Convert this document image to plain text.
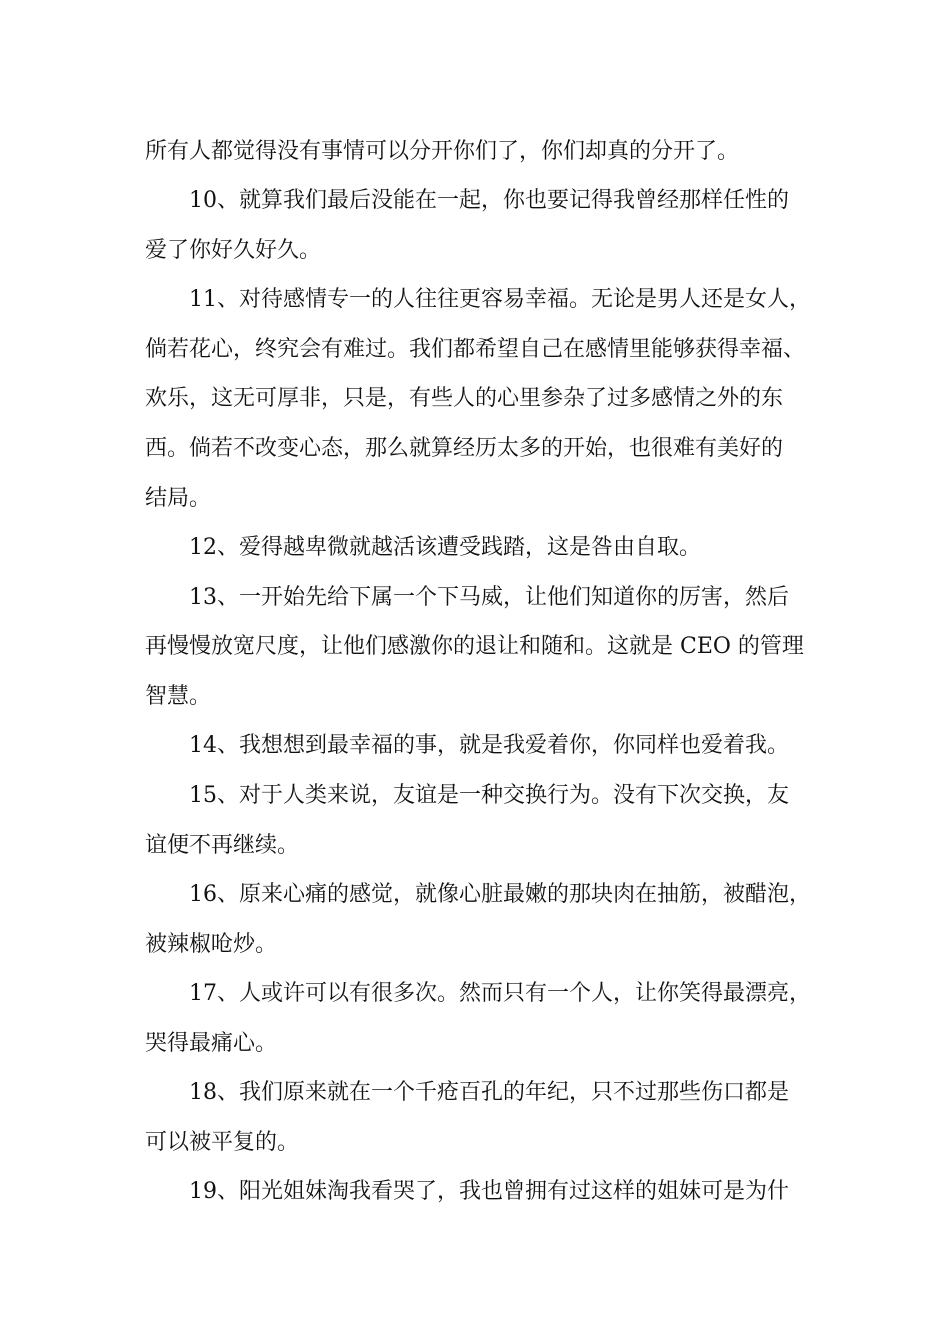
所有人都觉得没有事情可以分开你们了，你们却真的分开了。
10、就算我们最后没能在一起，你也要记得我曾经那样任性的
爱了你好久好久。
11、对待感情专一的人往往更容易幸福。无论是男人还是女人，
倘若花心，终究会有难过。我们都希望自己在感情里能够获得幸福、
欢乐，这无可厚非，只是，有些人的心里参杂了过多感情之外的东
西。倘若不改变心态，那么就算经历太多的开始，也很难有美好的
结局。
12、爱得越卑微就越活该遭受践踏，这是咎由自取。
13、一开始先给下属一个下马威，让他们知道你的厉害，然后
再慢慢放宽尺度，让他们感激你的退让和随和。这就是 CEO 的管理
智慧。
14、我想想到最幸福的事，就是我爱着你，你同样也爱着我。
15、对于人类来说，友谊是一种交换行为。没有下次交换，友
谊便不再继续。
16、原来心痛的感觉，就像心脏最嫩的那块肉在抽筋，被醋泡，
被辣椒呛炒。
17、人或许可以有很多次。然而只有一个人，让你笑得最漂亮，
哭得最痛心。
18、我们原来就在一个千疮百孔的年纪，只不过那些伤口都是
可以被平复的。
19、阳光姐妹淘我看哭了，我也曾拥有过这样的姐妹可是为什
